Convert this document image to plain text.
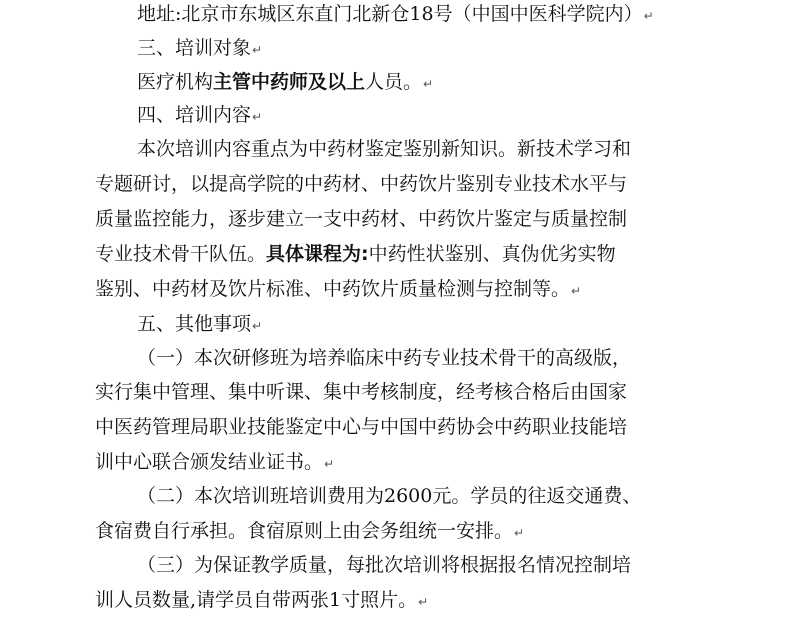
地址:北京市东城区东直门北新仓18号（中国中医科学院内）↵
三、培训对象↵
医疗机构主管中药师及以上人员。↵
四、培训内容↵
本次培训内容重点为中药材鉴定鉴别新知识。新技术学习和
专题研讨，以提高学院的中药材、中药饮片鉴别专业技术水平与
质量监控能力，逐步建立一支中药材、中药饮片鉴定与质量控制
专业技术骨干队伍。具体课程为:中药性状鉴别、真伪优劣实物
鉴别、中药材及饮片标准、中药饮片质量检测与控制等。↵
五、其他事项↵
（一）本次研修班为培养临床中药专业技术骨干的高级版，
实行集中管理、集中听课、集中考核制度，经考核合格后由国家
中医药管理局职业技能鉴定中心与中国中药协会中药职业技能培
训中心联合颁发结业证书。↵
（二）本次培训班培训费用为2600元。学员的往返交通费、
食宿费自行承担。食宿原则上由会务组统一安排。↵
（三）为保证教学质量，每批次培训将根据报名情况控制培
训人员数量,请学员自带两张1寸照片。↵
